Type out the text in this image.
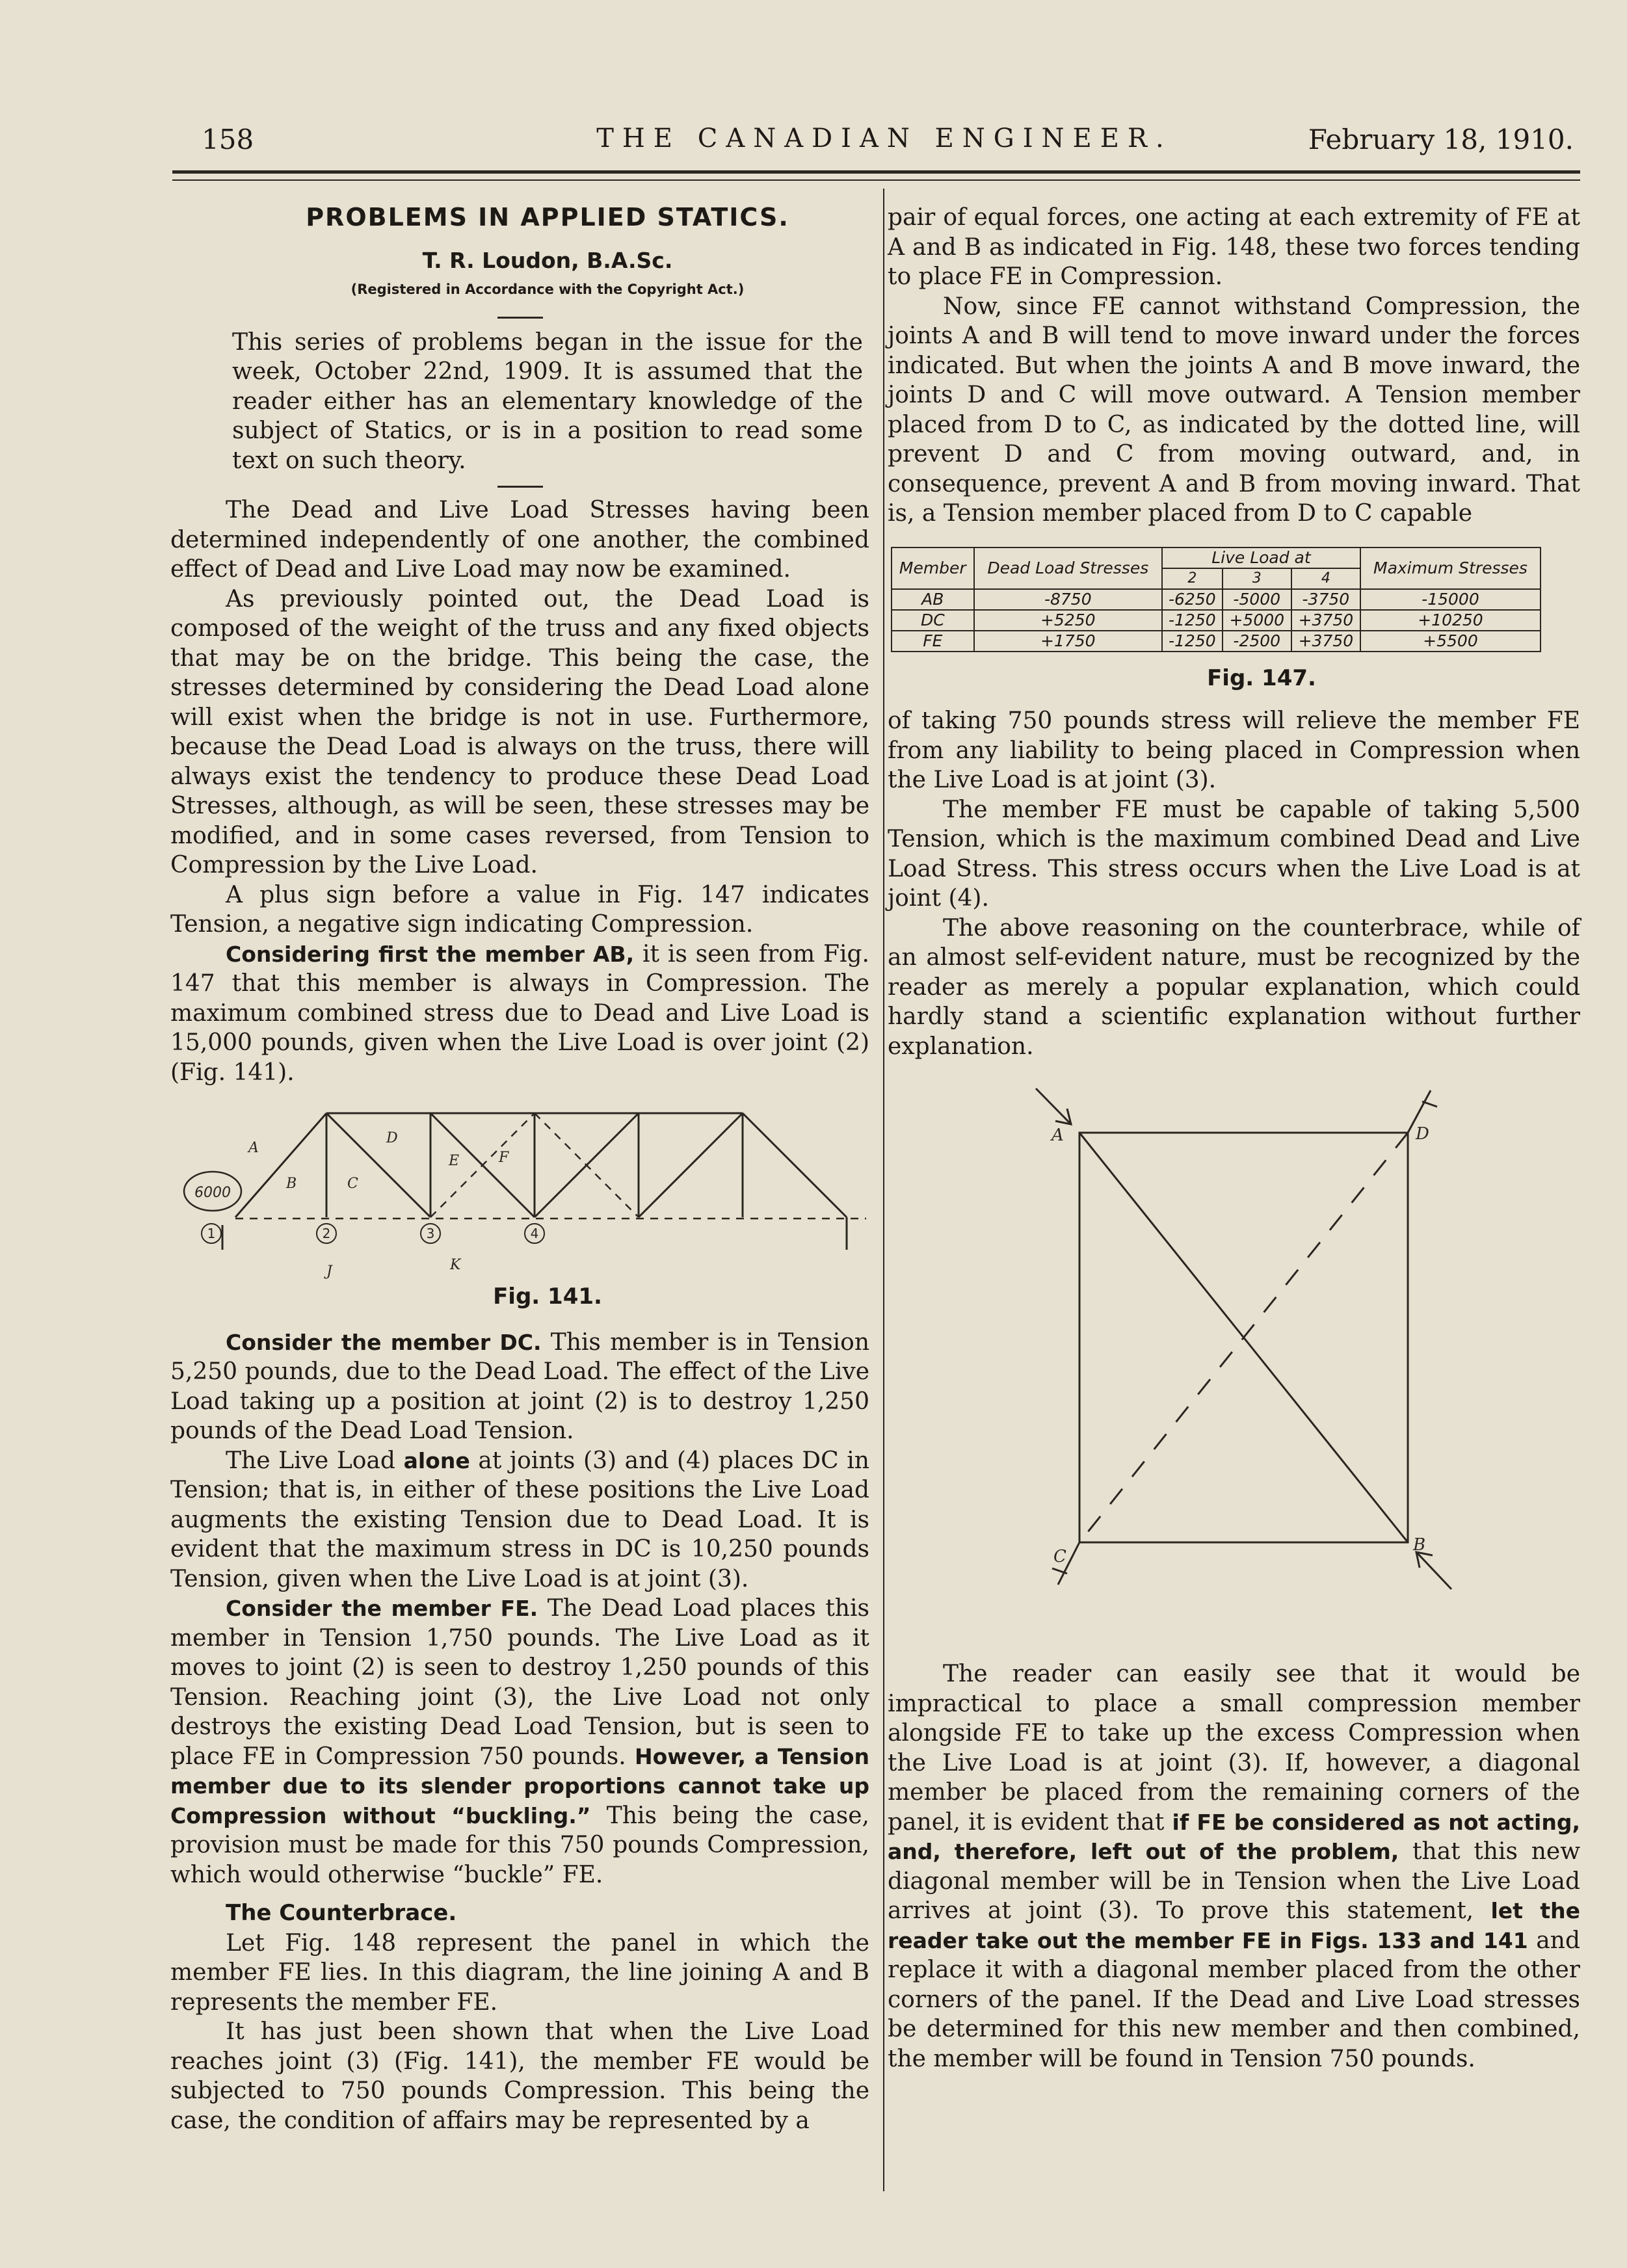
158	THE CANADIAN ENGINEER.	February 18, 1910.

PROBLEMS IN APPLIED STATICS.

T. R. Loudon, B.A.Sc.

(Registered in Accordance with the Copyright Act.)

This series of problems began in the issue for the week, October 22nd, 1909. It is assumed that the reader either has an elementary knowledge of the subject of Statics, or is in a position to read some text on such theory.

The Dead and Live Load Stresses having been determined independently of one another, the combined effect of Dead and Live Load may now be examined.

As previously pointed out, the Dead Load is composed of the weight of the truss and any fixed objects that may be on the bridge. This being the case, the stresses determined by considering the Dead Load alone will exist when the bridge is not in use. Furthermore, because the Dead Load is always on the truss, there will always exist the tendency to produce these Dead Load Stresses, although, as will be seen, these stresses may be modified, and in some cases reversed, from Tension to Compression by the Live Load.

A plus sign before a value in Fig. 147 indicates Tension, a negative sign indicating Compression.

Considering first the member AB, it is seen from Fig. 147 that this member is always in Compression. The maximum combined stress due to Dead and Live Load is 15,000 pounds, given when the Live Load is over joint (2) (Fig. 141).

6000
1	2	3	4
A
B	C
D
E	F
J	K

Fig. 141.

Consider the member DC. This member is in Tension 5,250 pounds, due to the Dead Load. The effect of the Live Load taking up a position at joint (2) is to destroy 1,250 pounds of the Dead Load Tension.

The Live Load alone at joints (3) and (4) places DC in Tension; that is, in either of these positions the Live Load augments the existing Tension due to Dead Load. It is evident that the maximum stress in DC is 10,250 pounds Tension, given when the Live Load is at joint (3).

Consider the member FE. The Dead Load places this member in Tension 1,750 pounds. The Live Load as it moves to joint (2) is seen to destroy 1,250 pounds of this Tension. Reaching joint (3), the Live Load not only destroys the existing Dead Load Tension, but is seen to place FE in Compression 750 pounds. However, a Tension member due to its slender proportions cannot take up Compression without “buckling.” This being the case, provision must be made for this 750 pounds Compression, which would otherwise “buckle” FE.

The Counterbrace.

Let Fig. 148 represent the panel in which the member FE lies. In this diagram, the line joining A and B represents the member FE.

It has just been shown that when the Live Load reaches joint (3) (Fig. 141), the member FE would be subjected to 750 pounds Compression. This being the case, the condition of affairs may be represented by a

pair of equal forces, one acting at each extremity of FE at A and B as indicated in Fig. 148, these two forces tending to place FE in Compression.

Now, since FE cannot withstand Compression, the joints A and B will tend to move inward under the forces indicated. But when the joints A and B move inward, the joints D and C will move outward. A Tension member placed from D to C, as indicated by the dotted line, will prevent D and C from moving outward, and, in consequence, prevent A and B from moving inward. That is, a Tension member placed from D to C capable

Member	Dead Load Stresses	Live Load at			Maximum Stresses
		2	3	4	
AB	-8750	-6250	-5000	-3750	-15000
DC	+5250	-1250	+5000	+3750	+10250
FE	+1750	-1250	-2500	+3750	+5500

Fig. 147.

of taking 750 pounds stress will relieve the member FE from any liability to being placed in Compression when the Live Load is at joint (3).

The member FE must be capable of taking 5,500 Tension, which is the maximum combined Dead and Live Load Stress. This stress occurs when the Live Load is at joint (4).

The above reasoning on the counterbrace, while of an almost self-evident nature, must be recognized by the reader as merely a popular explanation, which could hardly stand a scientific explanation without further explanation.

A	D
C
B

The reader can easily see that it would be impractical to place a small compression member alongside FE to take up the excess Compression when the Live Load is at joint (3). If, however, a diagonal member be placed from the remaining corners of the panel, it is evident that if FE be considered as not acting, and, therefore, left out of the problem, that this new diagonal member will be in Tension when the Live Load arrives at joint (3). To prove this statement, let the reader take out the member FE in Figs. 133 and 141 and replace it with a diagonal member placed from the other corners of the panel. If the Dead and Live Load stresses be determined for this new member and then combined, the member will be found in Tension 750 pounds.
